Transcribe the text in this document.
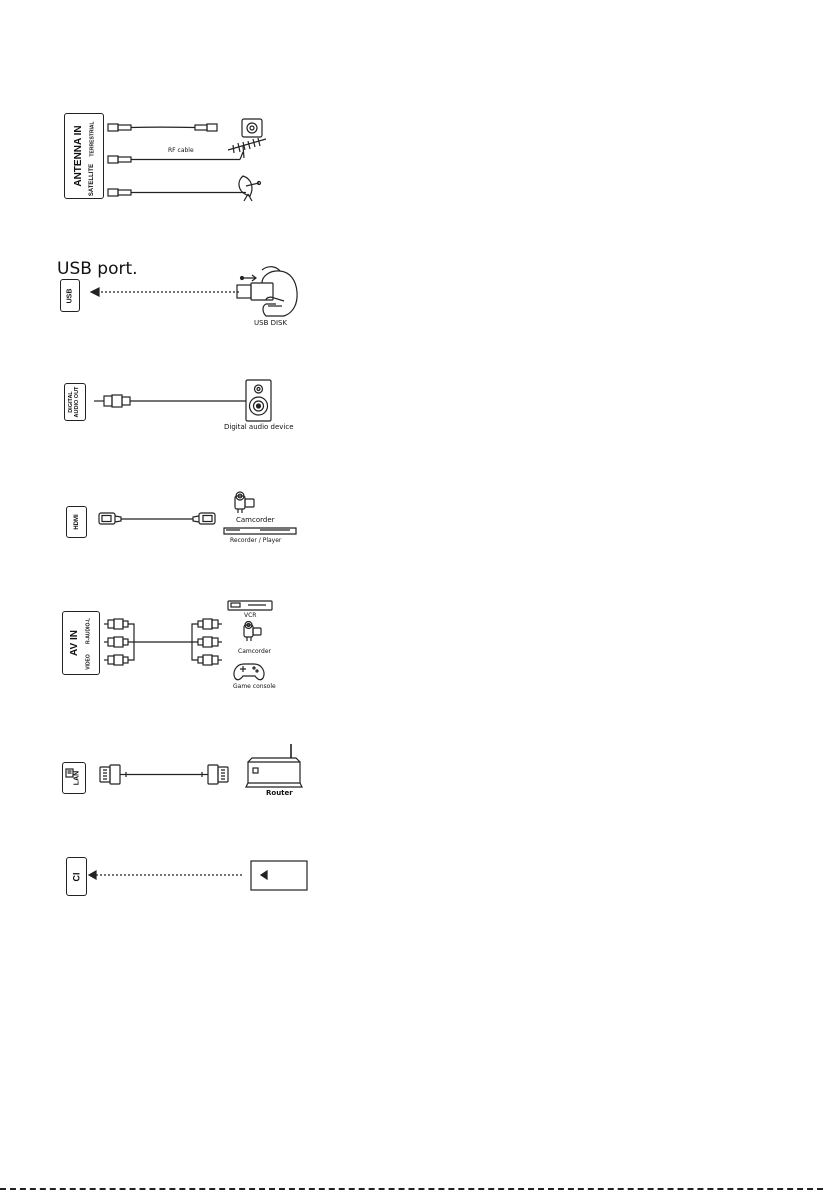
USB port.
ANTENNA IN TERRESTRIAL
SATELLITE
RF cable
USB
USB DISK
DIGITAL
AUDIO OUT
Digital audio device
HDMI	Camcorder
Recorder / Player
AV IN R-AUDIO-L
VIDEO
VCR
Camcorder
Game console
LAN
Router
CI
